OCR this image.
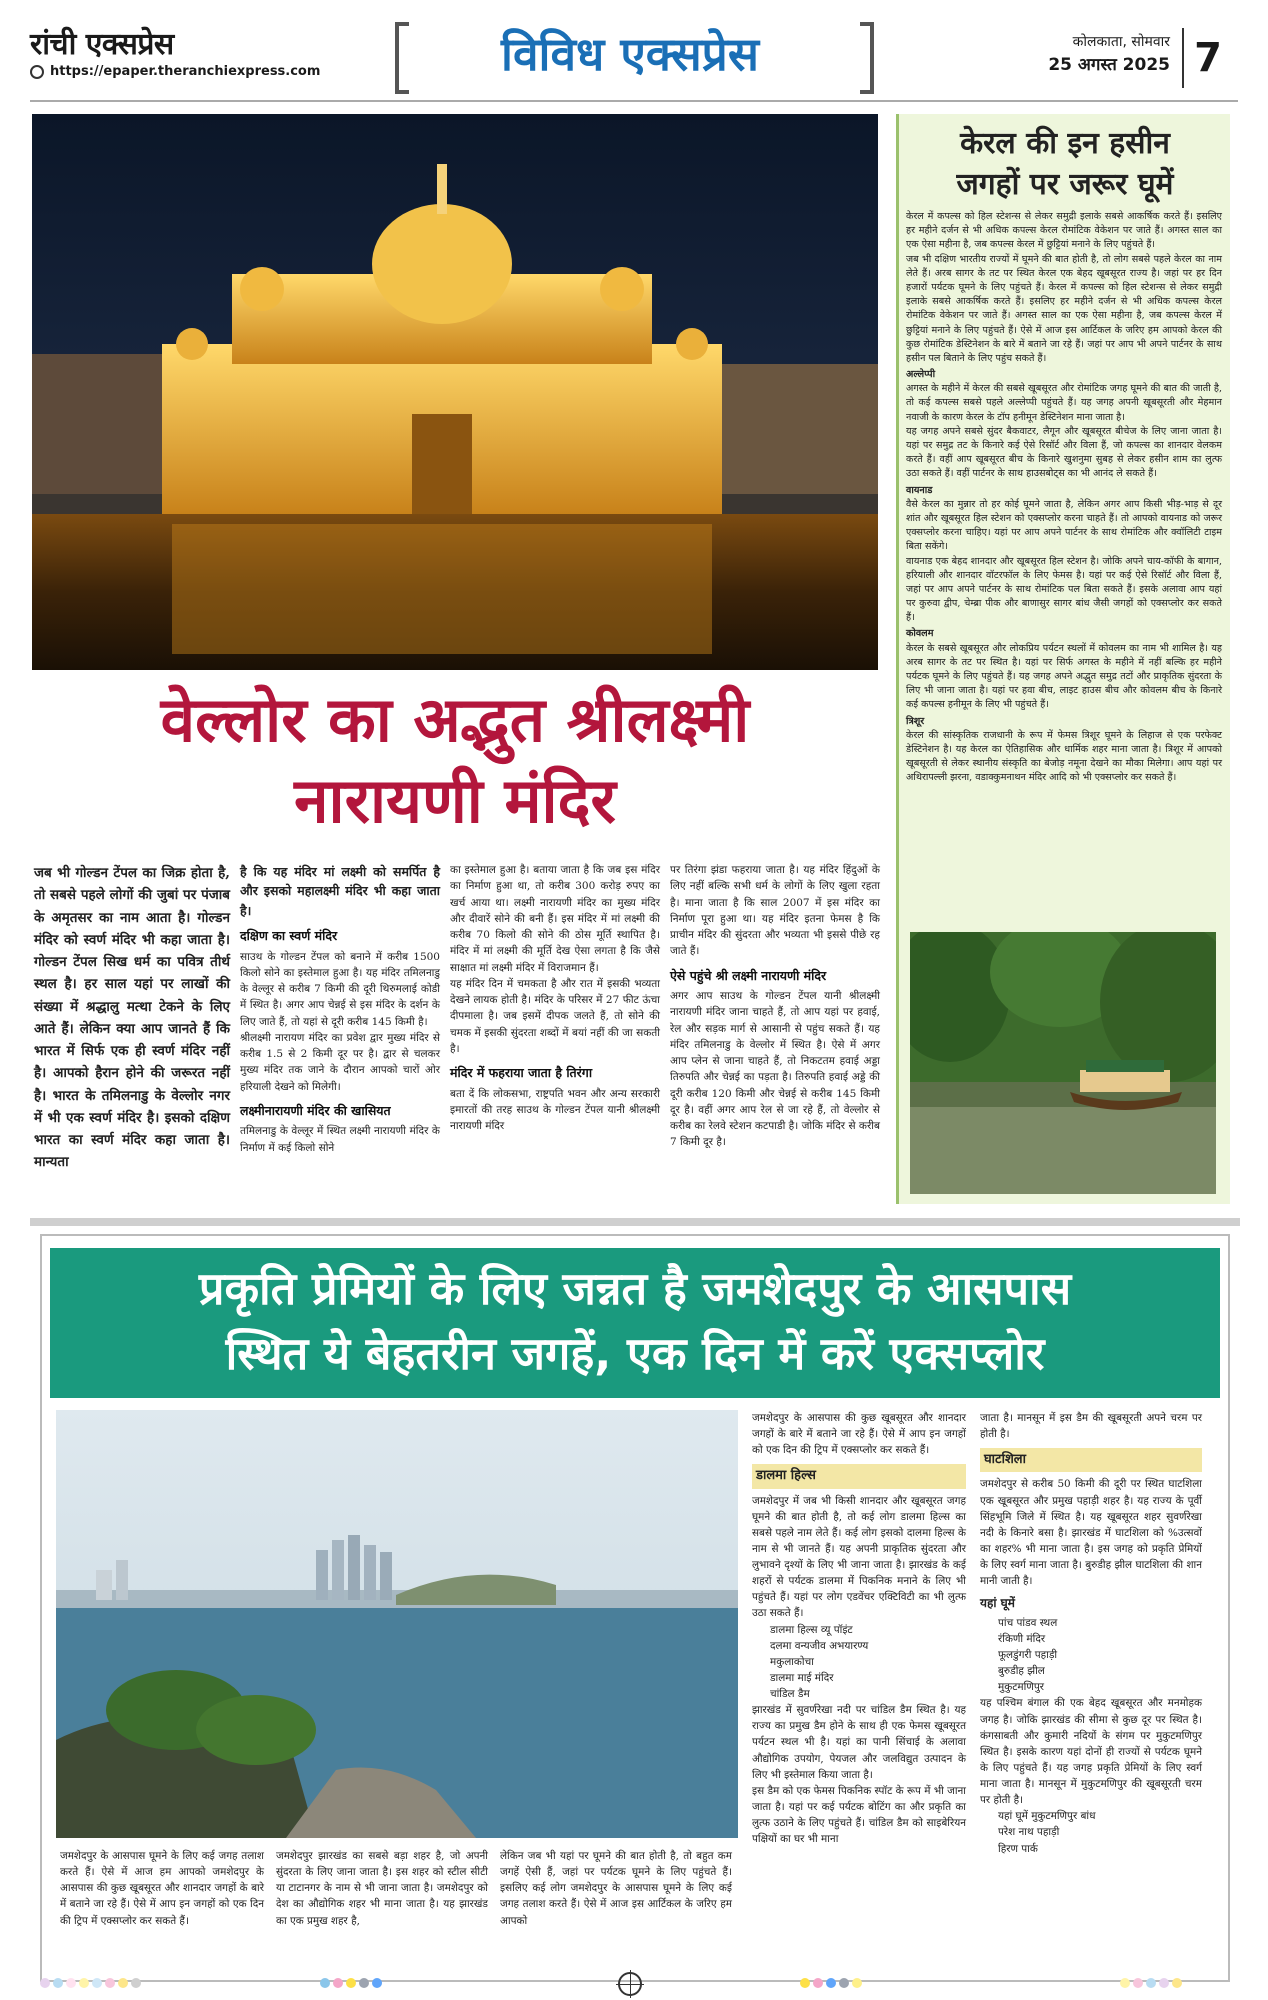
रांची एक्सप्रेस
https://epaper.theranchiexpress.com	विविध एक्सप्रेस	कोलकाता, सोमवार
25 अगस्त 2025 7
वेल्लोर का अद्भुत श्रीलक्ष्मी
नारायणी मंदिर
जब भी गोल्डन टेंपल का जिक्र होता है, तो सबसे पहले लोगों की जुबां पर पंजाब के अमृतसर का नाम आता है। गोल्डन मंदिर को स्वर्ण मंदिर भी कहा जाता है। गोल्डन टेंपल सिख धर्म का पवित्र तीर्थ स्थल है। हर साल यहां पर लाखों की संख्या में श्रद्धालु मत्था टेकने के लिए आते हैं। लेकिन क्या आप जानते हैं कि भारत में सिर्फ एक ही स्वर्ण मंदिर नहीं है। आपको हैरान होने की जरूरत नहीं है। भारत के तमिलनाडु के वेल्लोर नगर में भी एक स्वर्ण मंदिर है। इसको दक्षिण भारत का स्वर्ण मंदिर कहा जाता है। मान्यता
है कि यह मंदिर मां लक्ष्मी को समर्पित है और इसको महालक्ष्मी मंदिर भी कहा जाता है।
दक्षिण का स्वर्ण मंदिर

साउथ के गोल्डन टेंपल को बनाने में करीब 1500 किलो सोने का इस्तेमाल हुआ है। यह मंदिर तमिलनाडु के वेल्लूर से करीब 7 किमी की दूरी थिरुमलाई कोडी में स्थित है। अगर आप चेन्नई से इस मंदिर के दर्शन के लिए जाते हैं, तो यहां से दूरी करीब 145 किमी है।

श्रीलक्ष्मी नारायण मंदिर का प्रवेश द्वार मुख्य मंदिर से करीब 1.5 से 2 किमी दूर पर है। द्वार से चलकर मुख्य मंदिर तक जाने के दौरान आपको चारों ओर हरियाली देखने को मिलेगी।

लक्ष्मीनारायणी मंदिर की खासियत

तमिलनाडु के वेल्लूर में स्थित लक्ष्मी नारायणी मंदिर के निर्माण में कई किलो सोने

का इस्तेमाल हुआ है। बताया जाता है कि जब इस मंदिर का निर्माण हुआ था, तो करीब 300 करोड़ रुपए का खर्च आया था। लक्ष्मी नारायणी मंदिर का मुख्य मंदिर और दीवारें सोने की बनी हैं। इस मंदिर में मां लक्ष्मी की करीब 70 किलो की सोने की ठोस मूर्ति स्थापित है। मंदिर में मां लक्ष्मी की मूर्ति देख ऐसा लगता है कि जैसे साक्षात मां लक्ष्मी मंदिर में विराजमान हैं।

यह मंदिर दिन में चमकता है और रात में इसकी भव्यता देखने लायक होती है। मंदिर के परिसर में 27 फीट ऊंचा दीपमाला है। जब इसमें दीपक जलते हैं, तो सोने की चमक में इसकी सुंदरता शब्दों में बयां नहीं की जा सकती है।

मंदिर में फहराया जाता है तिरंगा

बता दें कि लोकसभा, राष्ट्रपति भवन और अन्य सरकारी इमारतों की तरह साउथ के गोल्डन टेंपल यानी श्रीलक्ष्मी नारायणी मंदिर

पर तिरंगा झंडा फहराया जाता है। यह मंदिर हिंदुओं के लिए नहीं बल्कि सभी धर्म के लोगों के लिए खुला रहता है। माना जाता है कि साल 2007 में इस मंदिर का निर्माण पूरा हुआ था। यह मंदिर इतना फेमस है कि प्राचीन मंदिर की सुंदरता और भव्यता भी इससे पीछे रह जाते हैं।

ऐसे पहुंचे श्री लक्ष्मी नारायणी मंदिर

अगर आप साउथ के गोल्डन टेंपल यानी श्रीलक्ष्मी नारायणी मंदिर जाना चाहते हैं, तो आप यहां पर हवाई, रेल और सड़क मार्ग से आसानी से पहुंच सकते हैं। यह मंदिर तमिलनाडु के वेल्लोर में स्थित है। ऐसे में अगर आप प्लेन से जाना चाहते हैं, तो निकटतम हवाई अड्डा तिरुपति और चेन्नई का पड़ता है। तिरुपति हवाई अड्डे की दूरी करीब 120 किमी और चेन्नई से करीब 145 किमी दूर है। वहीं अगर आप रेल से जा रहे हैं, तो वेल्लोर से करीब का रेलवे स्टेशन कटपाडी है। जोकि मंदिर से करीब 7 किमी दूर है।

केरल की इन हसीन
जगहों पर जरूर घूमें

केरल में कपल्स को हिल स्टेशन्स से लेकर समुद्री इलाके सबसे आकर्षिक करते हैं। इसलिए हर महीने दर्जन से भी अधिक कपल्स केरल रोमांटिक वेकेशन पर जाते हैं। अगस्त साल का एक ऐसा महीना है, जब कपल्स केरल में छुट्टियां मनाने के लिए पहुंचते हैं।

जब भी दक्षिण भारतीय राज्यों में घूमने की बात होती है, तो लोग सबसे पहले केरल का नाम लेते हैं। अरब सागर के तट पर स्थित केरल एक बेहद खूबसूरत राज्य है। जहां पर हर दिन हजारों पर्यटक घूमने के लिए पहुंचते हैं। केरल में कपल्स को हिल स्टेशन्स से लेकर समुद्री इलाके सबसे आकर्षिक करते हैं। इसलिए हर महीने दर्जन से भी अधिक कपल्स केरल रोमांटिक वेकेशन पर जाते हैं। अगस्त साल का एक ऐसा महीना है, जब कपल्स केरल में छुट्टियां मनाने के लिए पहुंचते हैं। ऐसे में आज इस आर्टिकल के जरिए हम आपको केरल की कुछ रोमांटिक डेस्टिनेशन के बारे में बताने जा रहे हैं। जहां पर आप भी अपने पार्टनर के साथ हसीन पल बिताने के लिए पहुंच सकते हैं।

अल्लेप्पी

अगस्त के महीने में केरल की सबसे खूबसूरत और रोमांटिक जगह घूमने की बात की जाती है, तो कई कपल्स सबसे पहले अल्लेप्पी पहुंचते हैं। यह जगह अपनी खूबसूरती और मेहमान नवाजी के कारण केरल के टॉप हनीमून डेस्टिनेशन माना जाता है।

यह जगह अपने सबसे सुंदर बैकवाटर, लैगून और खूबसूरत बीचेज के लिए जाना जाता है। यहां पर समुद्र तट के किनारे कई ऐसे रिसॉर्ट और विला हैं, जो कपल्स का शानदार वेलकम करते हैं। वहीं आप खूबसूरत बीच के किनारे खुशनुमा सुबह से लेकर हसीन शाम का लुत्फ उठा सकते हैं। वहीं पार्टनर के साथ हाउसबोट्स का भी आनंद ले सकते हैं।

वायनाड

वैसे केरल का मुन्नार तो हर कोई घूमने जाता है, लेकिन अगर आप किसी भीड़-भाड़ से दूर शांत और खूबसूरत हिल स्टेशन को एक्सप्लोर करना चाहते हैं। तो आपको वायनाड को जरूर एक्सप्लोर करना चाहिए। यहां पर आप अपने पार्टनर के साथ रोमांटिक और क्वॉलिटी टाइम बिता सकेंगे।

वायनाड एक बेहद शानदार और खूबसूरत हिल स्टेशन है। जोकि अपने चाय-कॉफी के बागान, हरियाली और शानदार वॉटरफॉल के लिए फेमस है। यहां पर कई ऐसे रिसॉर्ट और विला हैं, जहां पर आप अपने पार्टनर के साथ रोमांटिक पल बिता सकते हैं। इसके अलावा आप यहां पर कुरुवा द्वीप, चेम्ब्रा पीक और बाणासुर सागर बांध जैसी जगहों को एक्सप्लोर कर सकते हैं।

कोवलम

केरल के सबसे खूबसूरत और लोकप्रिय पर्यटन स्थलों में कोवलम का नाम भी शामिल है। यह अरब सागर के तट पर स्थित है। यहां पर सिर्फ अगस्त के महीने में नहीं बल्कि हर महीने पर्यटक घूमने के लिए पहुंचते हैं। यह जगह अपने अद्भुत समुद्र तटों और प्राकृतिक सुंदरता के लिए भी जाना जाता है। यहां पर हवा बीच, लाइट हाउस बीच और कोवलम बीच के किनारे कई कपल्स हनीमून के लिए भी पहुंचते हैं।

त्रिशूर

केरल की सांस्कृतिक राजधानी के रूप में फेमस त्रिशूर घूमने के लिहाज से एक परफेक्ट डेस्टिनेशन है। यह केरल का ऐतिहासिक और धार्मिक शहर माना जाता है। त्रिशूर में आपको खूबसूरती से लेकर स्थानीय संस्कृति का बेजोड़ नमूना देखने का मौका मिलेगा। आप यहां पर अथिरापल्ली झरना, वडाक्कुमनाथन मंदिर आदि को भी एक्सप्लोर कर सकते हैं।

प्रकृति प्रेमियों के लिए जन्नत है जमशेदपुर के आसपास
स्थित ये बेहतरीन जगहें, एक दिन में करें एक्सप्लोर
जमशेदपुर के आसपास घूमने के लिए कई जगह तलाश करते हैं। ऐसे में आज हम आपको जमशेदपुर के आसपास की कुछ खूबसूरत और शानदार जगहों के बारे में बताने जा रहे हैं। ऐसे में आप इन जगहों को एक दिन की ट्रिप में एक्सप्लोर कर सकते हैं।
जमशेदपुर झारखंड का सबसे बड़ा शहर है, जो अपनी सुंदरता के लिए जाना जाता है। इस शहर को स्टील सीटी या टाटानगर के नाम से भी जाना जाता है। जमशेदपुर को देश का औद्योगिक शहर भी माना जाता है। यह झारखंड का एक प्रमुख शहर है,
लेकिन जब भी यहां पर घूमने की बात होती है, तो बहुत कम जगहें ऐसी हैं, जहां पर पर्यटक घूमने के लिए पहुंचते हैं। इसलिए कई लोग जमशेदपुर के आसपास घूमने के लिए कई जगह तलाश करते हैं। ऐसे में आज इस आर्टिकल के जरिए हम आपको

जमशेदपुर के आसपास की कुछ खूबसूरत और शानदार जगहों के बारे में बताने जा रहे हैं। ऐसे में आप इन जगहों को एक दिन की ट्रिप में एक्सप्लोर कर सकते हैं।

डालमा हिल्स

जमशेदपुर में जब भी किसी शानदार और खूबसूरत जगह घूमने की बात होती है, तो कई लोग डालमा हिल्स का सबसे पहले नाम लेते हैं। कई लोग इसको दालमा हिल्स के नाम से भी जानते हैं। यह अपनी प्राकृतिक सुंदरता और लुभावने दृश्यों के लिए भी जाना जाता है। झारखंड के कई शहरों से पर्यटक डालमा में पिकनिक मनाने के लिए भी पहुंचते हैं। यहां पर लोग एडवेंचर एक्टिविटी का भी लुत्फ उठा सकते हैं।

डालमा हिल्स व्यू पॉइंट
दलमा वन्यजीव अभयारण्य
मकुलाकोचा
डालमा माई मंदिर
चांडिल डैम

झारखंड में सुवर्णरेखा नदी पर चांडिल डैम स्थित है। यह राज्य का प्रमुख डैम होने के साथ ही एक फेमस खूबसूरत पर्यटन स्थल भी है। यहां का पानी सिंचाई के अलावा औद्योगिक उपयोग, पेयजल और जलविद्युत उत्पादन के लिए भी इस्तेमाल किया जाता है।

इस डैम को एक फेमस पिकनिक स्पॉट के रूप में भी जाना जाता है। यहां पर कई पर्यटक बोटिंग का और प्रकृति का लुत्फ उठाने के लिए पहुंचते हैं। चांडिल डैम को साइबेरियन पक्षियों का घर भी माना

जाता है। मानसून में इस डैम की खूबसूरती अपने चरम पर होती है।

घाटशिला

जमशेदपुर से करीब 50 किमी की दूरी पर स्थित घाटशिला एक खूबसूरत और प्रमुख पहाड़ी शहर है। यह राज्य के पूर्वी सिंहभूमि जिले में स्थित है। यह खूबसूरत शहर सुवर्णरेखा नदी के किनारे बसा है। झारखंड में घाटशिला को %उत्सवों का शहर% भी माना जाता है। इस जगह को प्रकृति प्रेमियों के लिए स्वर्ग माना जाता है। बुरुडीह झील घाटशिला की शान मानी जाती है।

यहां घूमें
पांच पांडव स्थल
रंकिणी मंदिर
फूलडुंगरी पहाड़ी
बुरुडीह झील
मुकुटमणिपुर

यह पश्चिम बंगाल की एक बेहद खूबसूरत और मनमोहक जगह है। जोकि झारखंड की सीमा से कुछ दूर पर स्थित है। कंगसाबती और कुमारी नदियों के संगम पर मुकुटमणिपुर स्थित है। इसके कारण यहां दोनों ही राज्यों से पर्यटक घूमने के लिए पहुंचते हैं। यह जगह प्रकृति प्रेमियों के लिए स्वर्ग माना जाता है। मानसून में मुकुटमणिपुर की खूबसूरती चरम पर होती है।

यहां घूमें मुकुटमणिपुर बांध
परेश नाथ पहाड़ी
हिरण पार्क
